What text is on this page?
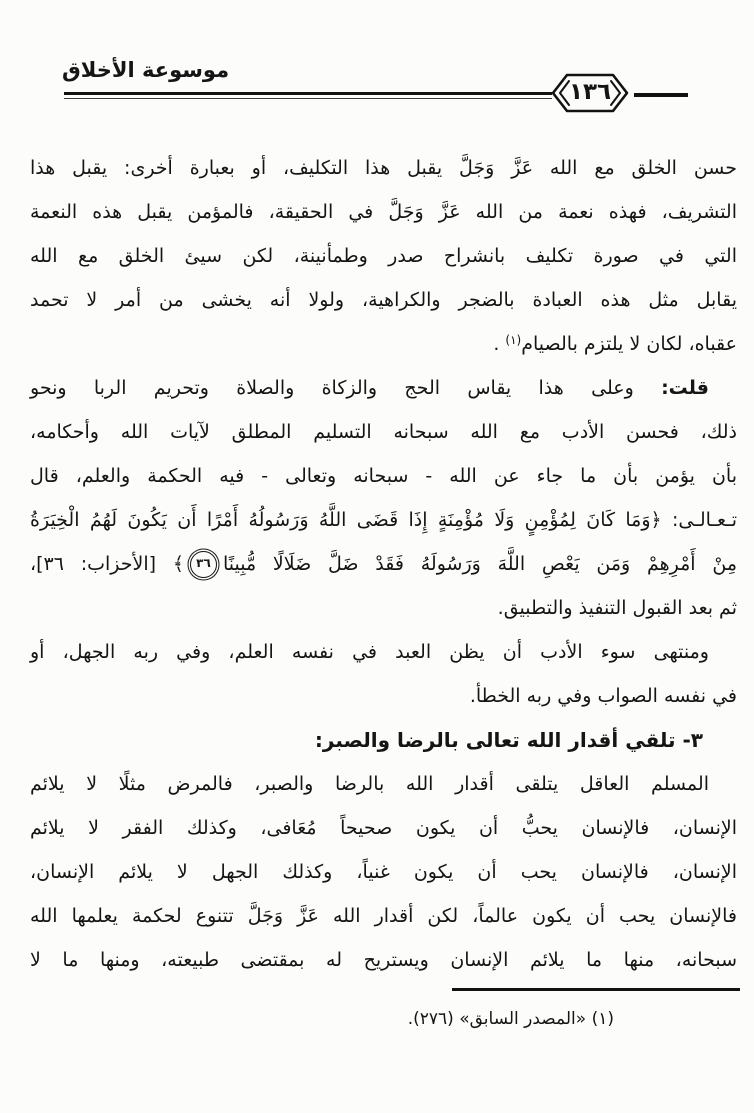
موسوعة الأخلاق
١٣٦
حسن الخلق مع الله عَزَّ وَجَلَّ يقبل هذا التكليف، أو بعبارة أخرى: يقبل هذا
التشريف، فهذه نعمة من الله عَزَّ وَجَلَّ في الحقيقة، فالمؤمن يقبل هذه النعمة
التي في صورة تكليف بانشراح صدر وطمأنينة، لكن سيئ الخلق مع الله
يقابل مثل هذه العبادة بالضجر والكراهية، ولولا أنه يخشى من أمر لا تحمد
عقباه، لكان لا يلتزم بالصيام$^{(١)}$ .
قلت: وعلى هذا يقاس الحج والزكاة والصلاة وتحريم الربا ونحو
ذلك، فحسن الأدب مع الله سبحانه التسليم المطلق لآيات الله وأحكامه،
بأن يؤمن بأن ما جاء عن الله - سبحانه وتعالى - فيه الحكمة والعلم، قال
تـعـالـى: ﴿وَمَا كَانَ لِمُؤْمِنٍ وَلَا مُؤْمِنَةٍ إِذَا قَضَى اللَّهُ وَرَسُولُهُ أَمْرًا أَن يَكُونَ لَهُمُ الْخِيَرَةُ
مِنْ أَمْرِهِمْ وَمَن يَعْصِ اللَّهَ وَرَسُولَهُ فَقَدْ ضَلَّ ضَلَالًا مُّبِينًا٣٦﴾ [الأحزاب: ٣٦]،
ثم بعد القبول التنفيذ والتطبيق.
ومنتهى سوء الأدب أن يظن العبد في نفسه العلم، وفي ربه الجهل، أو
في نفسه الصواب وفي ربه الخطأ.
٣- تلقي أقدار الله تعالى بالرضا والصبر:
المسلم العاقل يتلقى أقدار الله بالرضا والصبر، فالمرض مثلًا لا يلائم
الإنسان، فالإنسان يحبُّ أن يكون صحيحاً مُعَافى، وكذلك الفقر لا يلائم
الإنسان، فالإنسان يحب أن يكون غنياً، وكذلك الجهل لا يلائم الإنسان،
فالإنسان يحب أن يكون عالماً، لكن أقدار الله عَزَّ وَجَلَّ تتنوع لحكمة يعلمها الله
سبحانه، منها ما يلائم الإنسان ويستريح له بمقتضى طبيعته، ومنها ما لا
(١) «المصدر السابق» (٢٧٦).
